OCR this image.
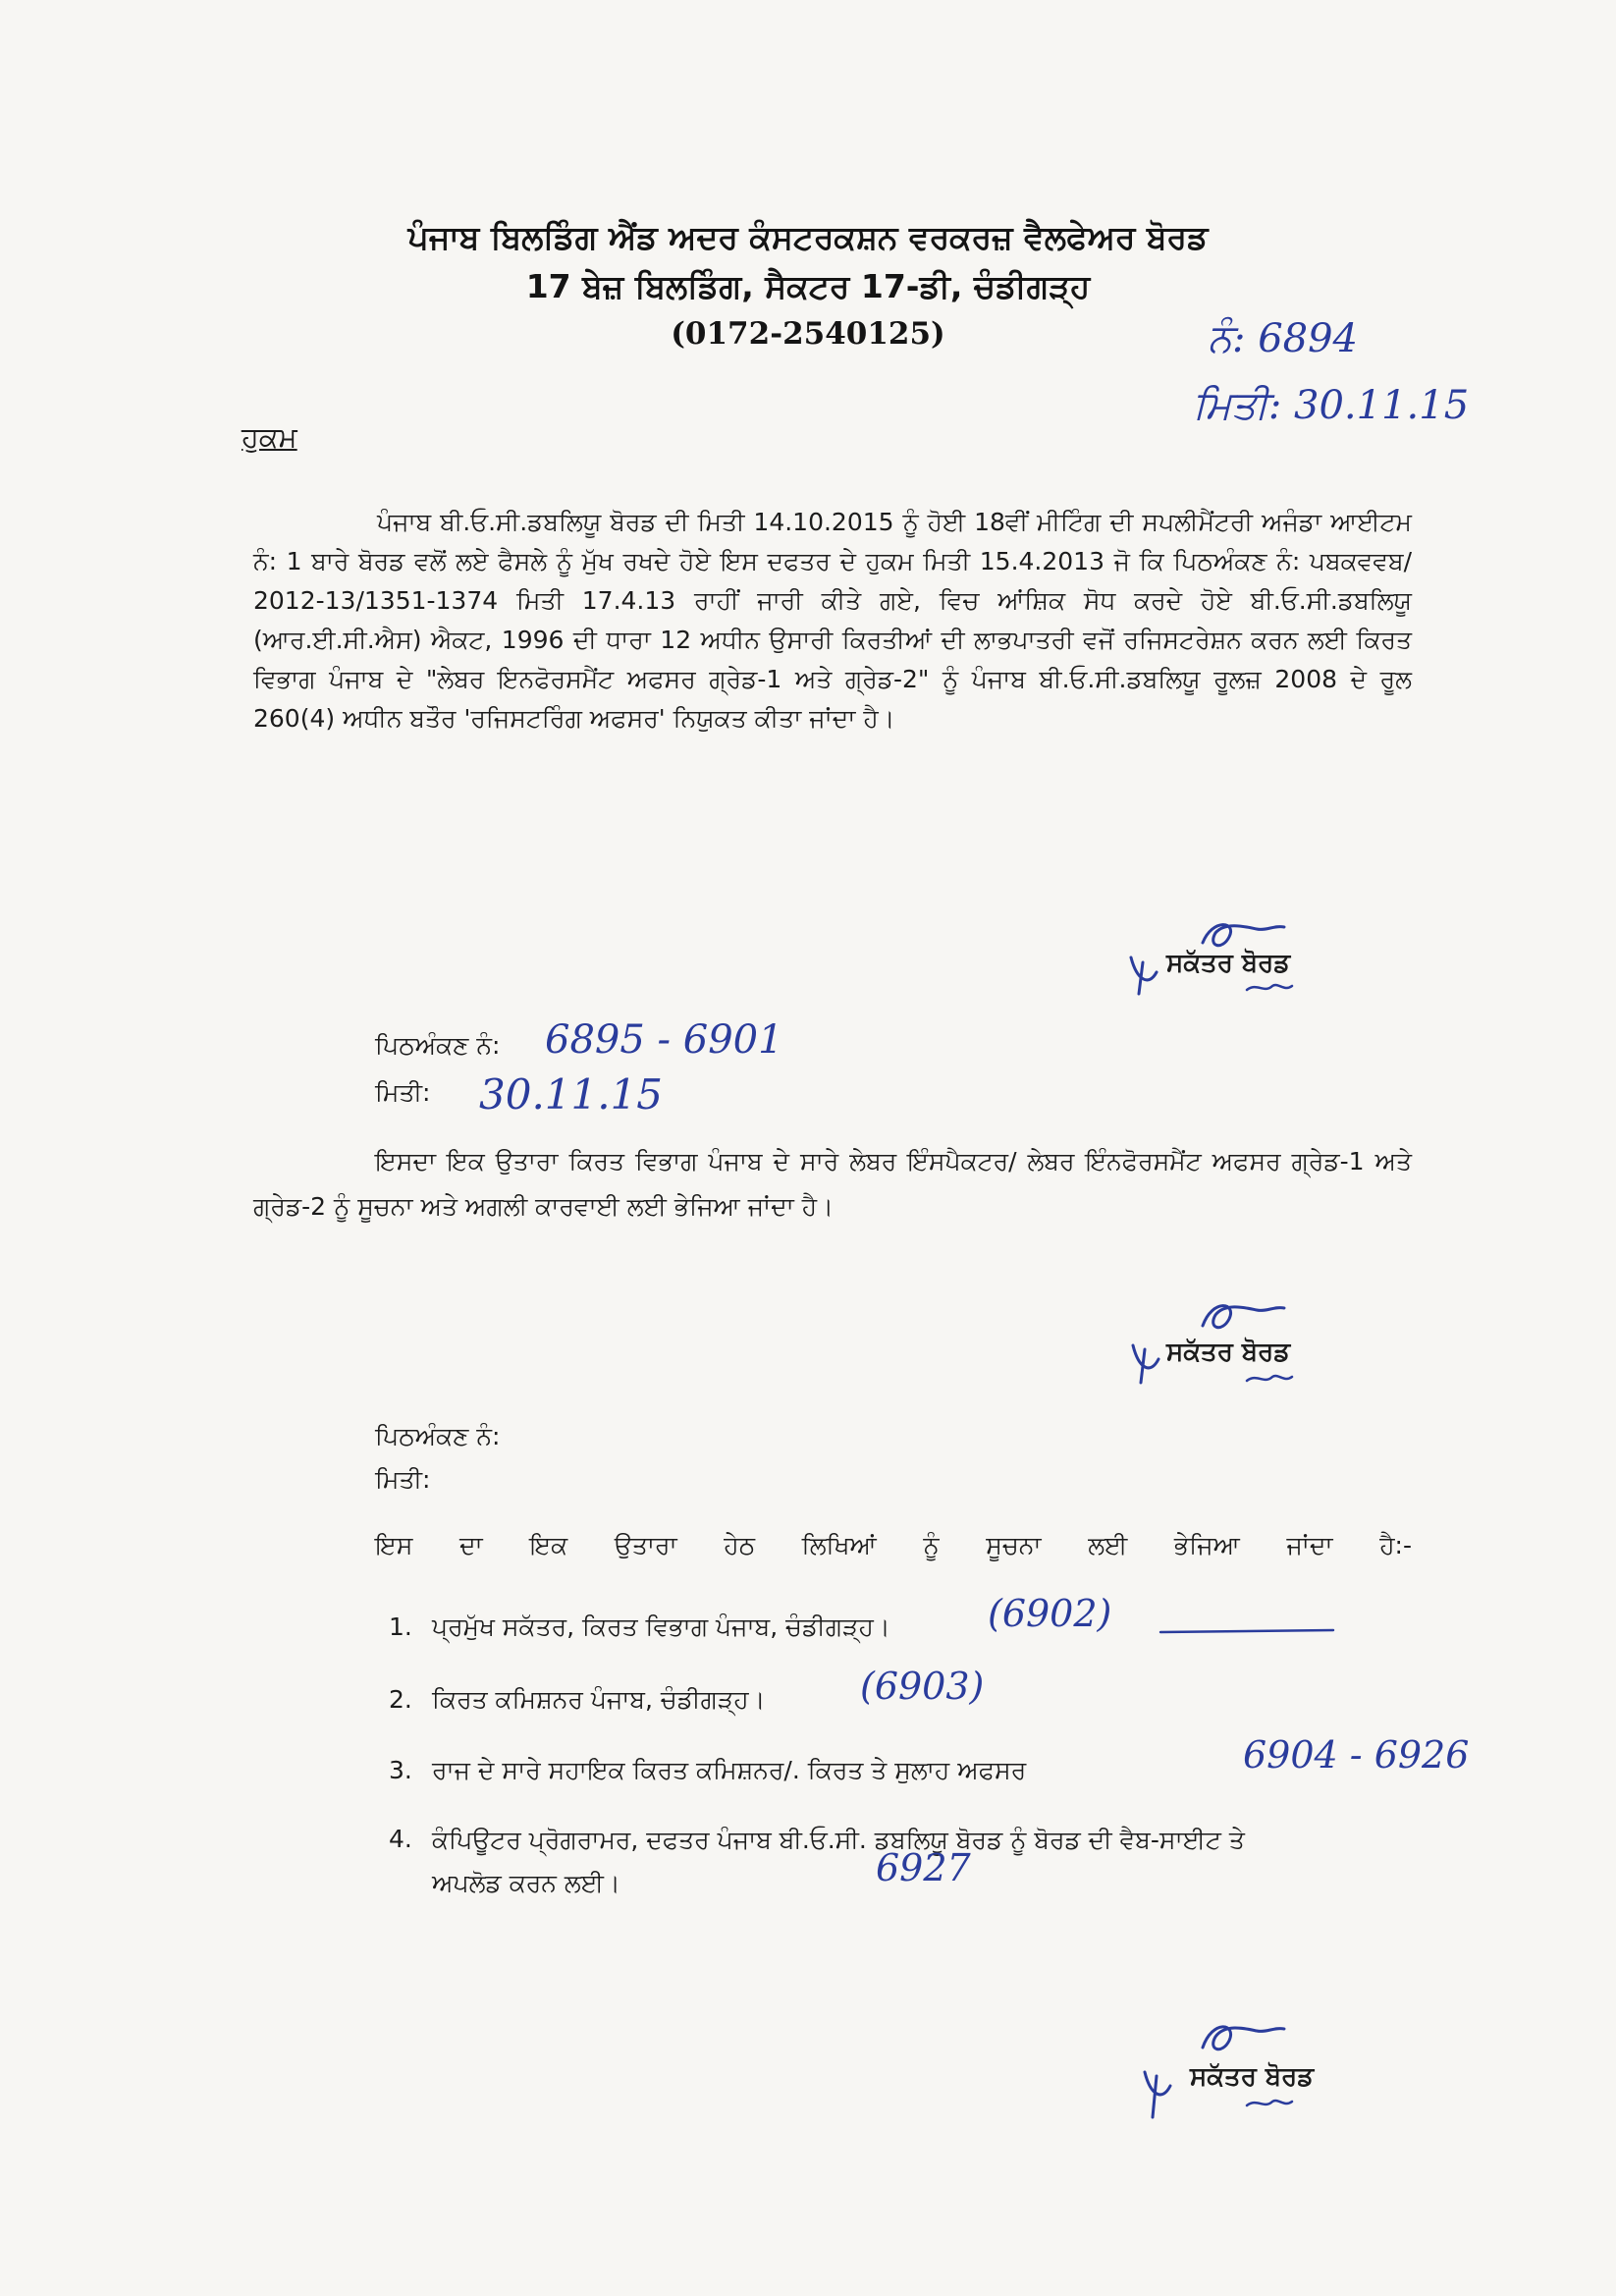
ਪੰਜਾਬ ਬਿਲਡਿੰਗ ਐਂਡ ਅਦਰ ਕੰਸਟਰਕਸ਼ਨ ਵਰਕਰਜ਼ ਵੈਲਫੇਅਰ ਬੋਰਡ
17 ਬੇਜ਼ ਬਿਲਡਿੰਗ, ਸੈਕਟਰ 17-ਡੀ, ਚੰਡੀਗੜ੍ਹ
(0172-2540125)	ਨੰ: 6894
ਮਿਤੀ: 30.11.15
ਹੁਕਮ
ਪੰਜਾਬ ਬੀ.ਓ.ਸੀ.ਡਬਲਿਯੂ ਬੋਰਡ ਦੀ ਮਿਤੀ 14.10.2015 ਨੂੰ ਹੋਈ 18ਵੀਂ ਮੀਟਿੰਗ ਦੀ ਸਪਲੀਮੈਂਟਰੀ ਅਜੰਡਾ ਆਈਟਮ ਨੰ: 1 ਬਾਰੇ ਬੋਰਡ ਵਲੋਂ ਲਏ ਫੈਸਲੇ ਨੂੰ ਮੁੱਖ ਰਖਦੇ ਹੋਏ ਇਸ ਦਫਤਰ ਦੇ ਹੁਕਮ ਮਿਤੀ 15.4.2013 ਜੋ ਕਿ ਪਿਠਅੰਕਣ ਨੰ: ਪਬਕਵਵਬ/ 2012-13/1351-1374 ਮਿਤੀ 17.4.13 ਰਾਹੀਂ ਜਾਰੀ ਕੀਤੇ ਗਏ, ਵਿਚ ਆਂਸ਼ਿਕ ਸੋਧ ਕਰਦੇ ਹੋਏ ਬੀ.ਓ.ਸੀ.ਡਬਲਿਯੂ (ਆਰ.ਈ.ਸੀ.ਐਸ) ਐਕਟ, 1996 ਦੀ ਧਾਰਾ 12 ਅਧੀਨ ਉਸਾਰੀ ਕਿਰਤੀਆਂ ਦੀ ਲਾਭਪਾਤਰੀ ਵਜੋਂ ਰਜਿਸਟਰੇਸ਼ਨ ਕਰਨ ਲਈ ਕਿਰਤ ਵਿਭਾਗ ਪੰਜਾਬ ਦੇ "ਲੇਬਰ ਇਨਫੋਰਸਮੈਂਟ ਅਫਸਰ ਗ੍ਰੇਡ-1 ਅਤੇ ਗ੍ਰੇਡ-2" ਨੂੰ ਪੰਜਾਬ ਬੀ.ਓ.ਸੀ.ਡਬਲਿਯੂ ਰੂਲਜ਼ 2008 ਦੇ ਰੂਲ 260(4) ਅਧੀਨ ਬਤੌਰ 'ਰਜਿਸਟਰਿੰਗ ਅਫਸਰ' ਨਿਯੁਕਤ ਕੀਤਾ ਜਾਂਦਾ ਹੈ।
ਸਕੱਤਰ ਬੋਰਡ
ਪਿਠਅੰਕਣ ਨੰ: 6895 - 6901
ਮਿਤੀ: 30.11.15
ਇਸਦਾ ਇਕ ਉਤਾਰਾ ਕਿਰਤ ਵਿਭਾਗ ਪੰਜਾਬ ਦੇ ਸਾਰੇ ਲੇਬਰ ਇੰਸਪੈਕਟਰ/ ਲੇਬਰ ਇੰਨਫੋਰਸਮੈਂਟ ਅਫਸਰ ਗ੍ਰੇਡ-1 ਅਤੇ ਗ੍ਰੇਡ-2 ਨੂੰ ਸੂਚਨਾ ਅਤੇ ਅਗਲੀ ਕਾਰਵਾਈ ਲਈ ਭੇਜਿਆ ਜਾਂਦਾ ਹੈ।
ਸਕੱਤਰ ਬੋਰਡ
ਪਿਠਅੰਕਣ ਨੰ:
ਮਿਤੀ:
ਇਸ ਦਾ ਇਕ ਉਤਾਰਾ ਹੇਠ ਲਿਖਿਆਂ ਨੂੰ ਸੂਚਨਾ ਲਈ ਭੇਜਿਆ ਜਾਂਦਾ ਹੈ:-
1. ਪ੍ਰਮੁੱਖ ਸਕੱਤਰ, ਕਿਰਤ ਵਿਭਾਗ ਪੰਜਾਬ, ਚੰਡੀਗੜ੍ਹ।	(6902)
2. ਕਿਰਤ ਕਮਿਸ਼ਨਰ ਪੰਜਾਬ, ਚੰਡੀਗੜ੍ਹ।	(6903)
3. ਰਾਜ ਦੇ ਸਾਰੇ ਸਹਾਇਕ ਕਿਰਤ ਕਮਿਸ਼ਨਰ/. ਕਿਰਤ ਤੇ ਸੁਲਾਹ ਅਫਸਰ	6904 - 6926
4. ਕੰਪਿਊਟਰ ਪ੍ਰੋਗਰਾਮਰ, ਦਫਤਰ ਪੰਜਾਬ ਬੀ.ਓ.ਸੀ. ਡਬਲਿਯੂ ਬੋਰਡ ਨੂੰ ਬੋਰਡ ਦੀ ਵੈਬ-ਸਾਈਟ ਤੇ ਅਪਲੋਡ ਕਰਨ ਲਈ।	6927
ਸਕੱਤਰ ਬੋਰਡ
